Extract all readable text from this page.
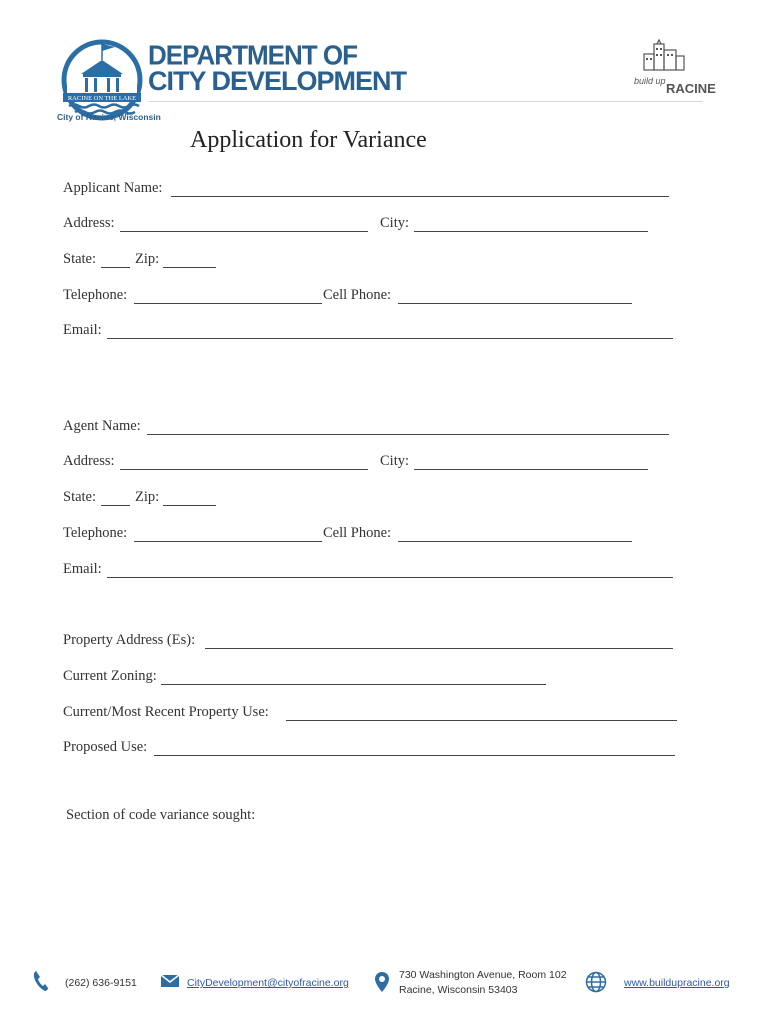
RACINE ON THE LAKE
DEPARTMENT OF
CITY DEVELOPMENT
City of Racine, Wisconsin
build up RACINE
Application for Variance
Applicant Name:
Address:	City:
State:	Zip:
Telephone:	Cell Phone:
Email:
Agent Name:
Address:	City:
State:	Zip:
Telephone:	Cell Phone:
Email:
Property Address (Es):
Current Zoning:
Current/Most Recent Property Use:
Proposed Use:
Section of code variance sought:
(262) 636-9151	CityDevelopment@cityofracine.org
730 Washington Avenue, Room 102
Racine, Wisconsin 53403
www.buildupracine.org
